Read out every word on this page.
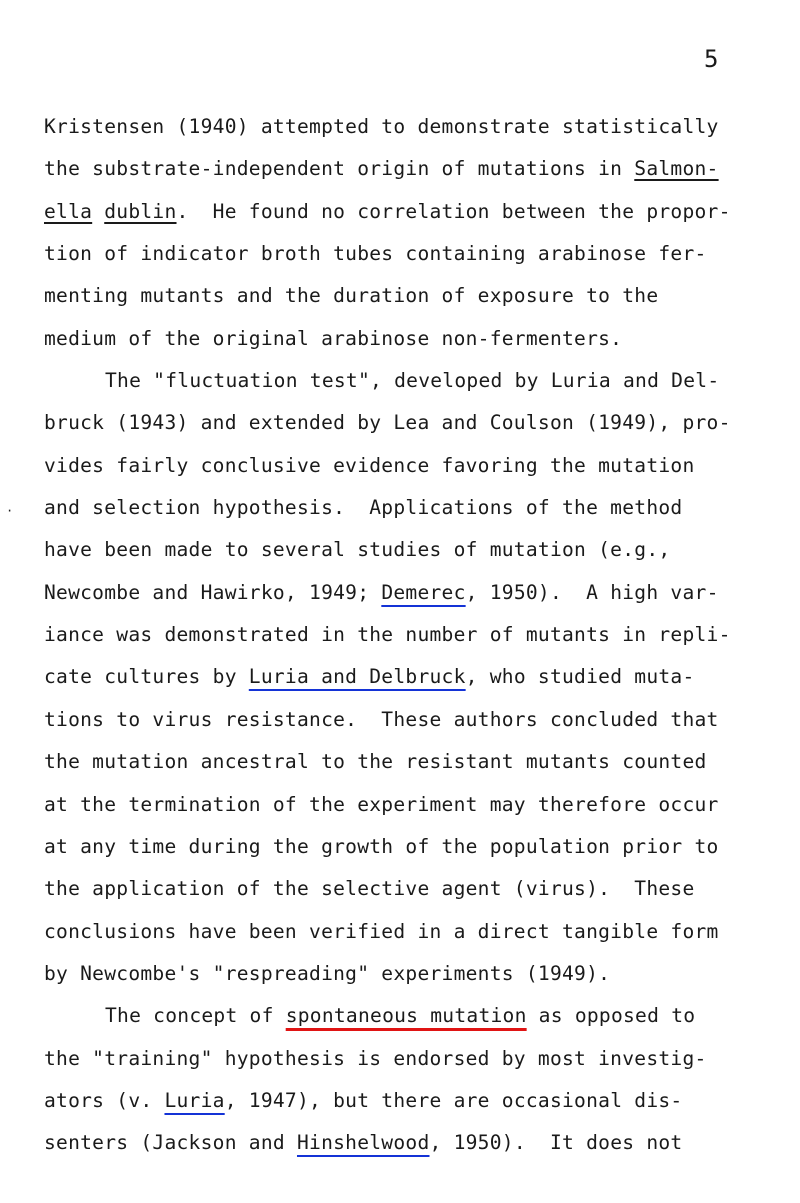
5
·
Kristensen (1940) attempted to demonstrate statistically
the substrate-independent origin of mutations in Salmon-
ella dublin.  He found no correlation between the propor-
tion of indicator broth tubes containing arabinose fer-
menting mutants and the duration of exposure to the
medium of the original arabinose non-fermenters.
The "fluctuation test", developed by Luria and Del-
bruck (1943) and extended by Lea and Coulson (1949), pro-
vides fairly conclusive evidence favoring the mutation
and selection hypothesis.  Applications of the method
have been made to several studies of mutation (e.g.,
Newcombe and Hawirko, 1949; Demerec, 1950).  A high var-
iance was demonstrated in the number of mutants in repli-
cate cultures by Luria and Delbruck, who studied muta-
tions to virus resistance.  These authors concluded that
the mutation ancestral to the resistant mutants counted
at the termination of the experiment may therefore occur
at any time during the growth of the population prior to
the application of the selective agent (virus).  These
conclusions have been verified in a direct tangible form
by Newcombe's "respreading" experiments (1949).
The concept of spontaneous mutation as opposed to
the "training" hypothesis is endorsed by most investig-
ators (v. Luria, 1947), but there are occasional dis-
senters (Jackson and Hinshelwood, 1950).  It does not
